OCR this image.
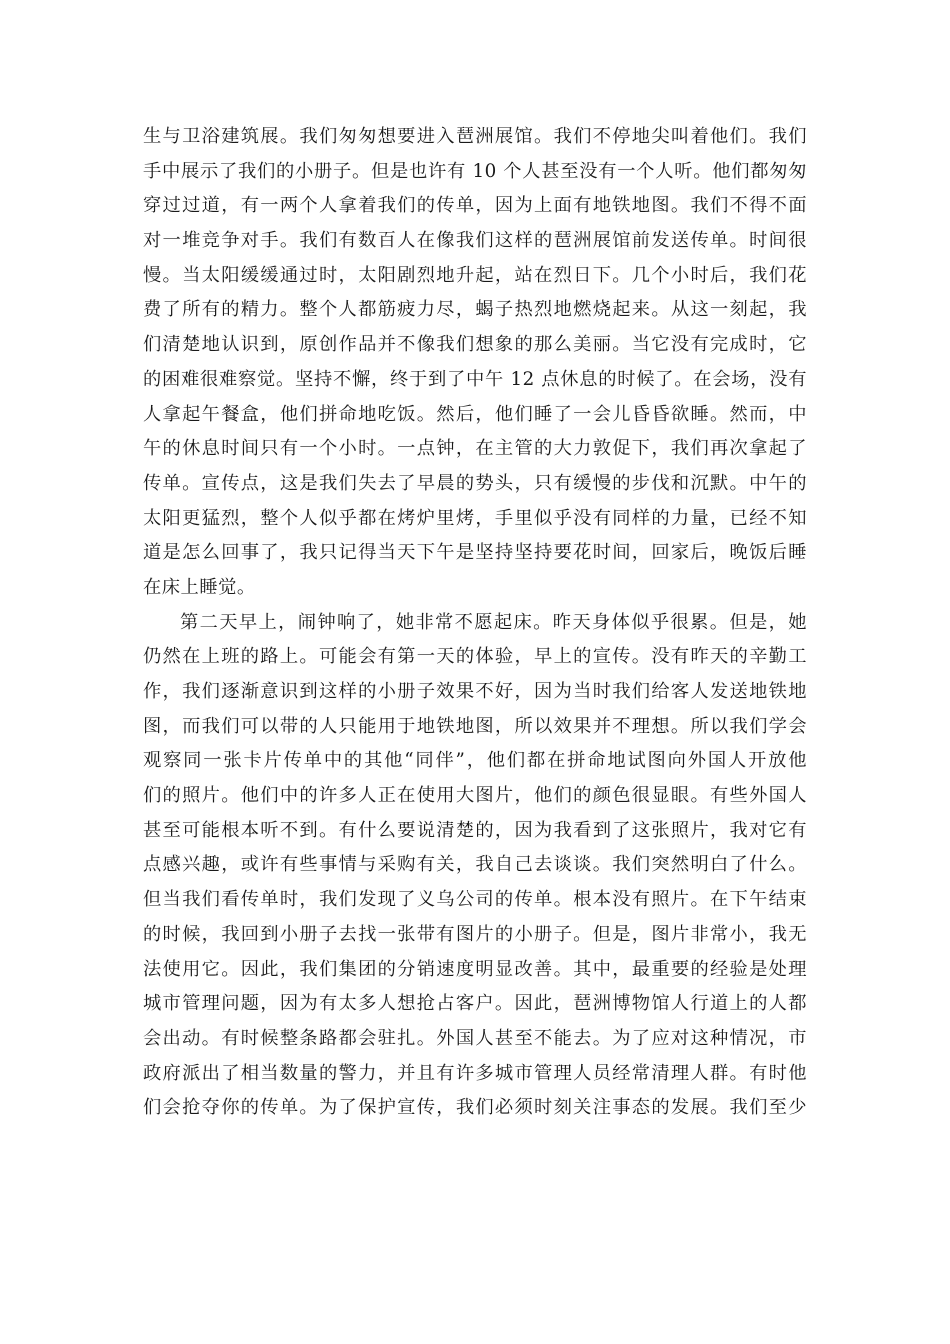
生与卫浴建筑展。我们匆匆想要进入琶洲展馆。我们不停地尖叫着他们。我们
手中展示了我们的小册子。但是也许有 10 个人甚至没有一个人听。他们都匆匆
穿过过道，有一两个人拿着我们的传单，因为上面有地铁地图。我们不得不面
对一堆竞争对手。我们有数百人在像我们这样的琶洲展馆前发送传单。时间很
慢。当太阳缓缓通过时，太阳剧烈地升起，站在烈日下。几个小时后，我们花
费了所有的精力。整个人都筋疲力尽，蝎子热烈地燃烧起来。从这一刻起，我
们清楚地认识到，原创作品并不像我们想象的那么美丽。当它没有完成时，它
的困难很难察觉。坚持不懈，终于到了中午 12 点休息的时候了。在会场，没有
人拿起午餐盒，他们拼命地吃饭。然后，他们睡了一会儿昏昏欲睡。然而，中
午的休息时间只有一个小时。一点钟，在主管的大力敦促下，我们再次拿起了
传单。宣传点，这是我们失去了早晨的势头，只有缓慢的步伐和沉默。中午的
太阳更猛烈，整个人似乎都在烤炉里烤，手里似乎没有同样的力量，已经不知
道是怎么回事了，我只记得当天下午是坚持坚持要花时间，回家后，晚饭后睡
在床上睡觉。
第二天早上，闹钟响了，她非常不愿起床。昨天身体似乎很累。但是，她
仍然在上班的路上。可能会有第一天的体验，早上的宣传。没有昨天的辛勤工
作，我们逐渐意识到这样的小册子效果不好，因为当时我们给客人发送地铁地
图，而我们可以带的人只能用于地铁地图，所以效果并不理想。所以我们学会
观察同一张卡片传单中的其他“同伴”，他们都在拼命地试图向外国人开放他
们的照片。他们中的许多人正在使用大图片，他们的颜色很显眼。有些外国人
甚至可能根本听不到。有什么要说清楚的，因为我看到了这张照片，我对它有
点感兴趣，或许有些事情与采购有关，我自己去谈谈。我们突然明白了什么。
但当我们看传单时，我们发现了义乌公司的传单。根本没有照片。在下午结束
的时候，我回到小册子去找一张带有图片的小册子。但是，图片非常小，我无
法使用它。因此，我们集团的分销速度明显改善。其中，最重要的经验是处理
城市管理问题，因为有太多人想抢占客户。因此，琶洲博物馆人行道上的人都
会出动。有时候整条路都会驻扎。外国人甚至不能去。为了应对这种情况，市
政府派出了相当数量的警力，并且有许多城市管理人员经常清理人群。有时他
们会抢夺你的传单。为了保护宣传，我们必须时刻关注事态的发展。我们至少
